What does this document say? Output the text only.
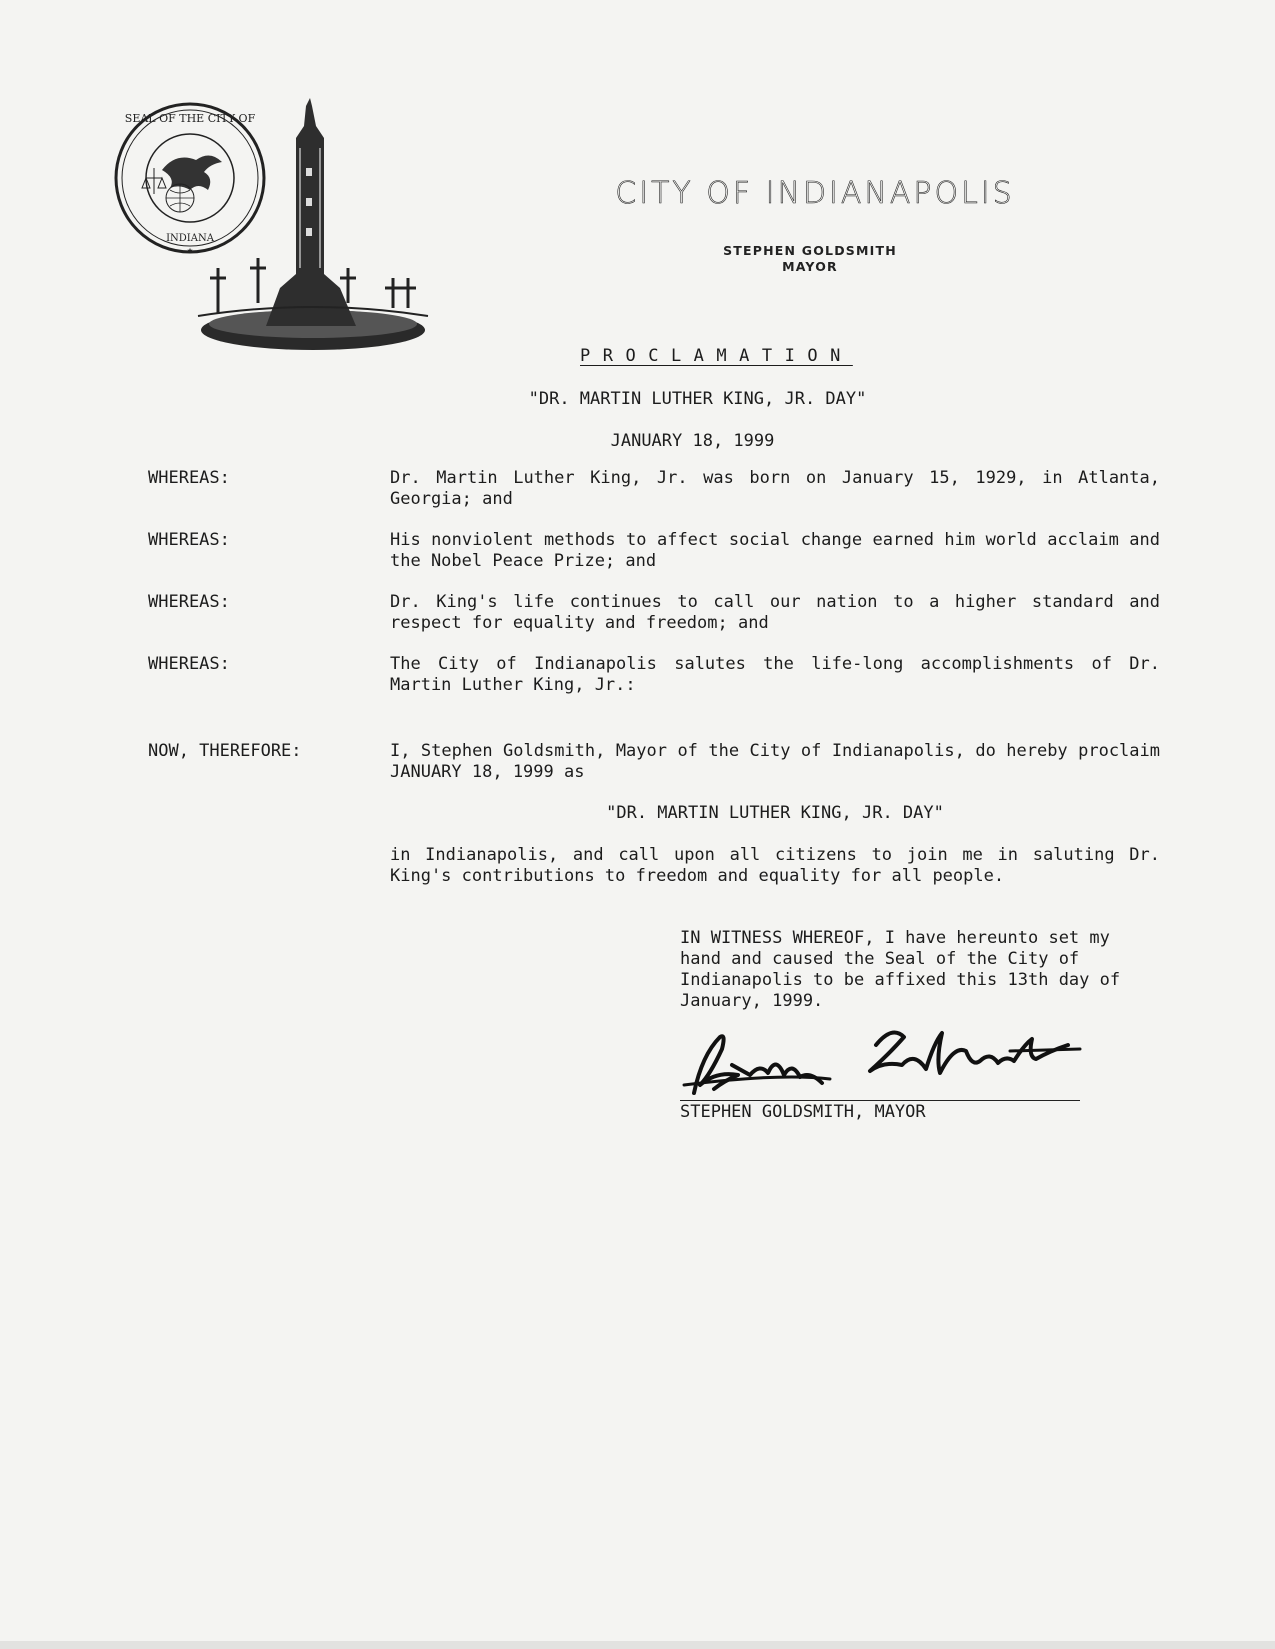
SEAL OF THE CITY OF
INDIANA
★
CITY OF INDIANAPOLIS
STEPHEN GOLDSMITH
MAYOR
PROCLAMATION
"DR. MARTIN LUTHER KING, JR. DAY"
JANUARY 18, 1999
WHEREAS:	Dr. Martin Luther King, Jr. was born on January 15, 1929, in Atlanta, Georgia; and
WHEREAS:	His nonviolent methods to affect social change earned him world acclaim and the Nobel Peace Prize; and
WHEREAS:	Dr. King's life continues to call our nation to a higher standard and respect for equality and freedom; and
WHEREAS:	The City of Indianapolis salutes the life-long accomplishments of Dr. Martin Luther King, Jr.:
NOW, THEREFORE:	I, Stephen Goldsmith, Mayor of the City of Indianapolis, do hereby proclaim JANUARY 18, 1999 as
"DR. MARTIN LUTHER KING, JR. DAY"
in Indianapolis, and call upon all citizens to join me in saluting Dr. King's contributions to freedom and equality for all people.
IN WITNESS WHEREOF, I have hereunto set my hand and caused the Seal of the City of Indianapolis to be affixed this 13th day of January, 1999.
STEPHEN GOLDSMITH, MAYOR
